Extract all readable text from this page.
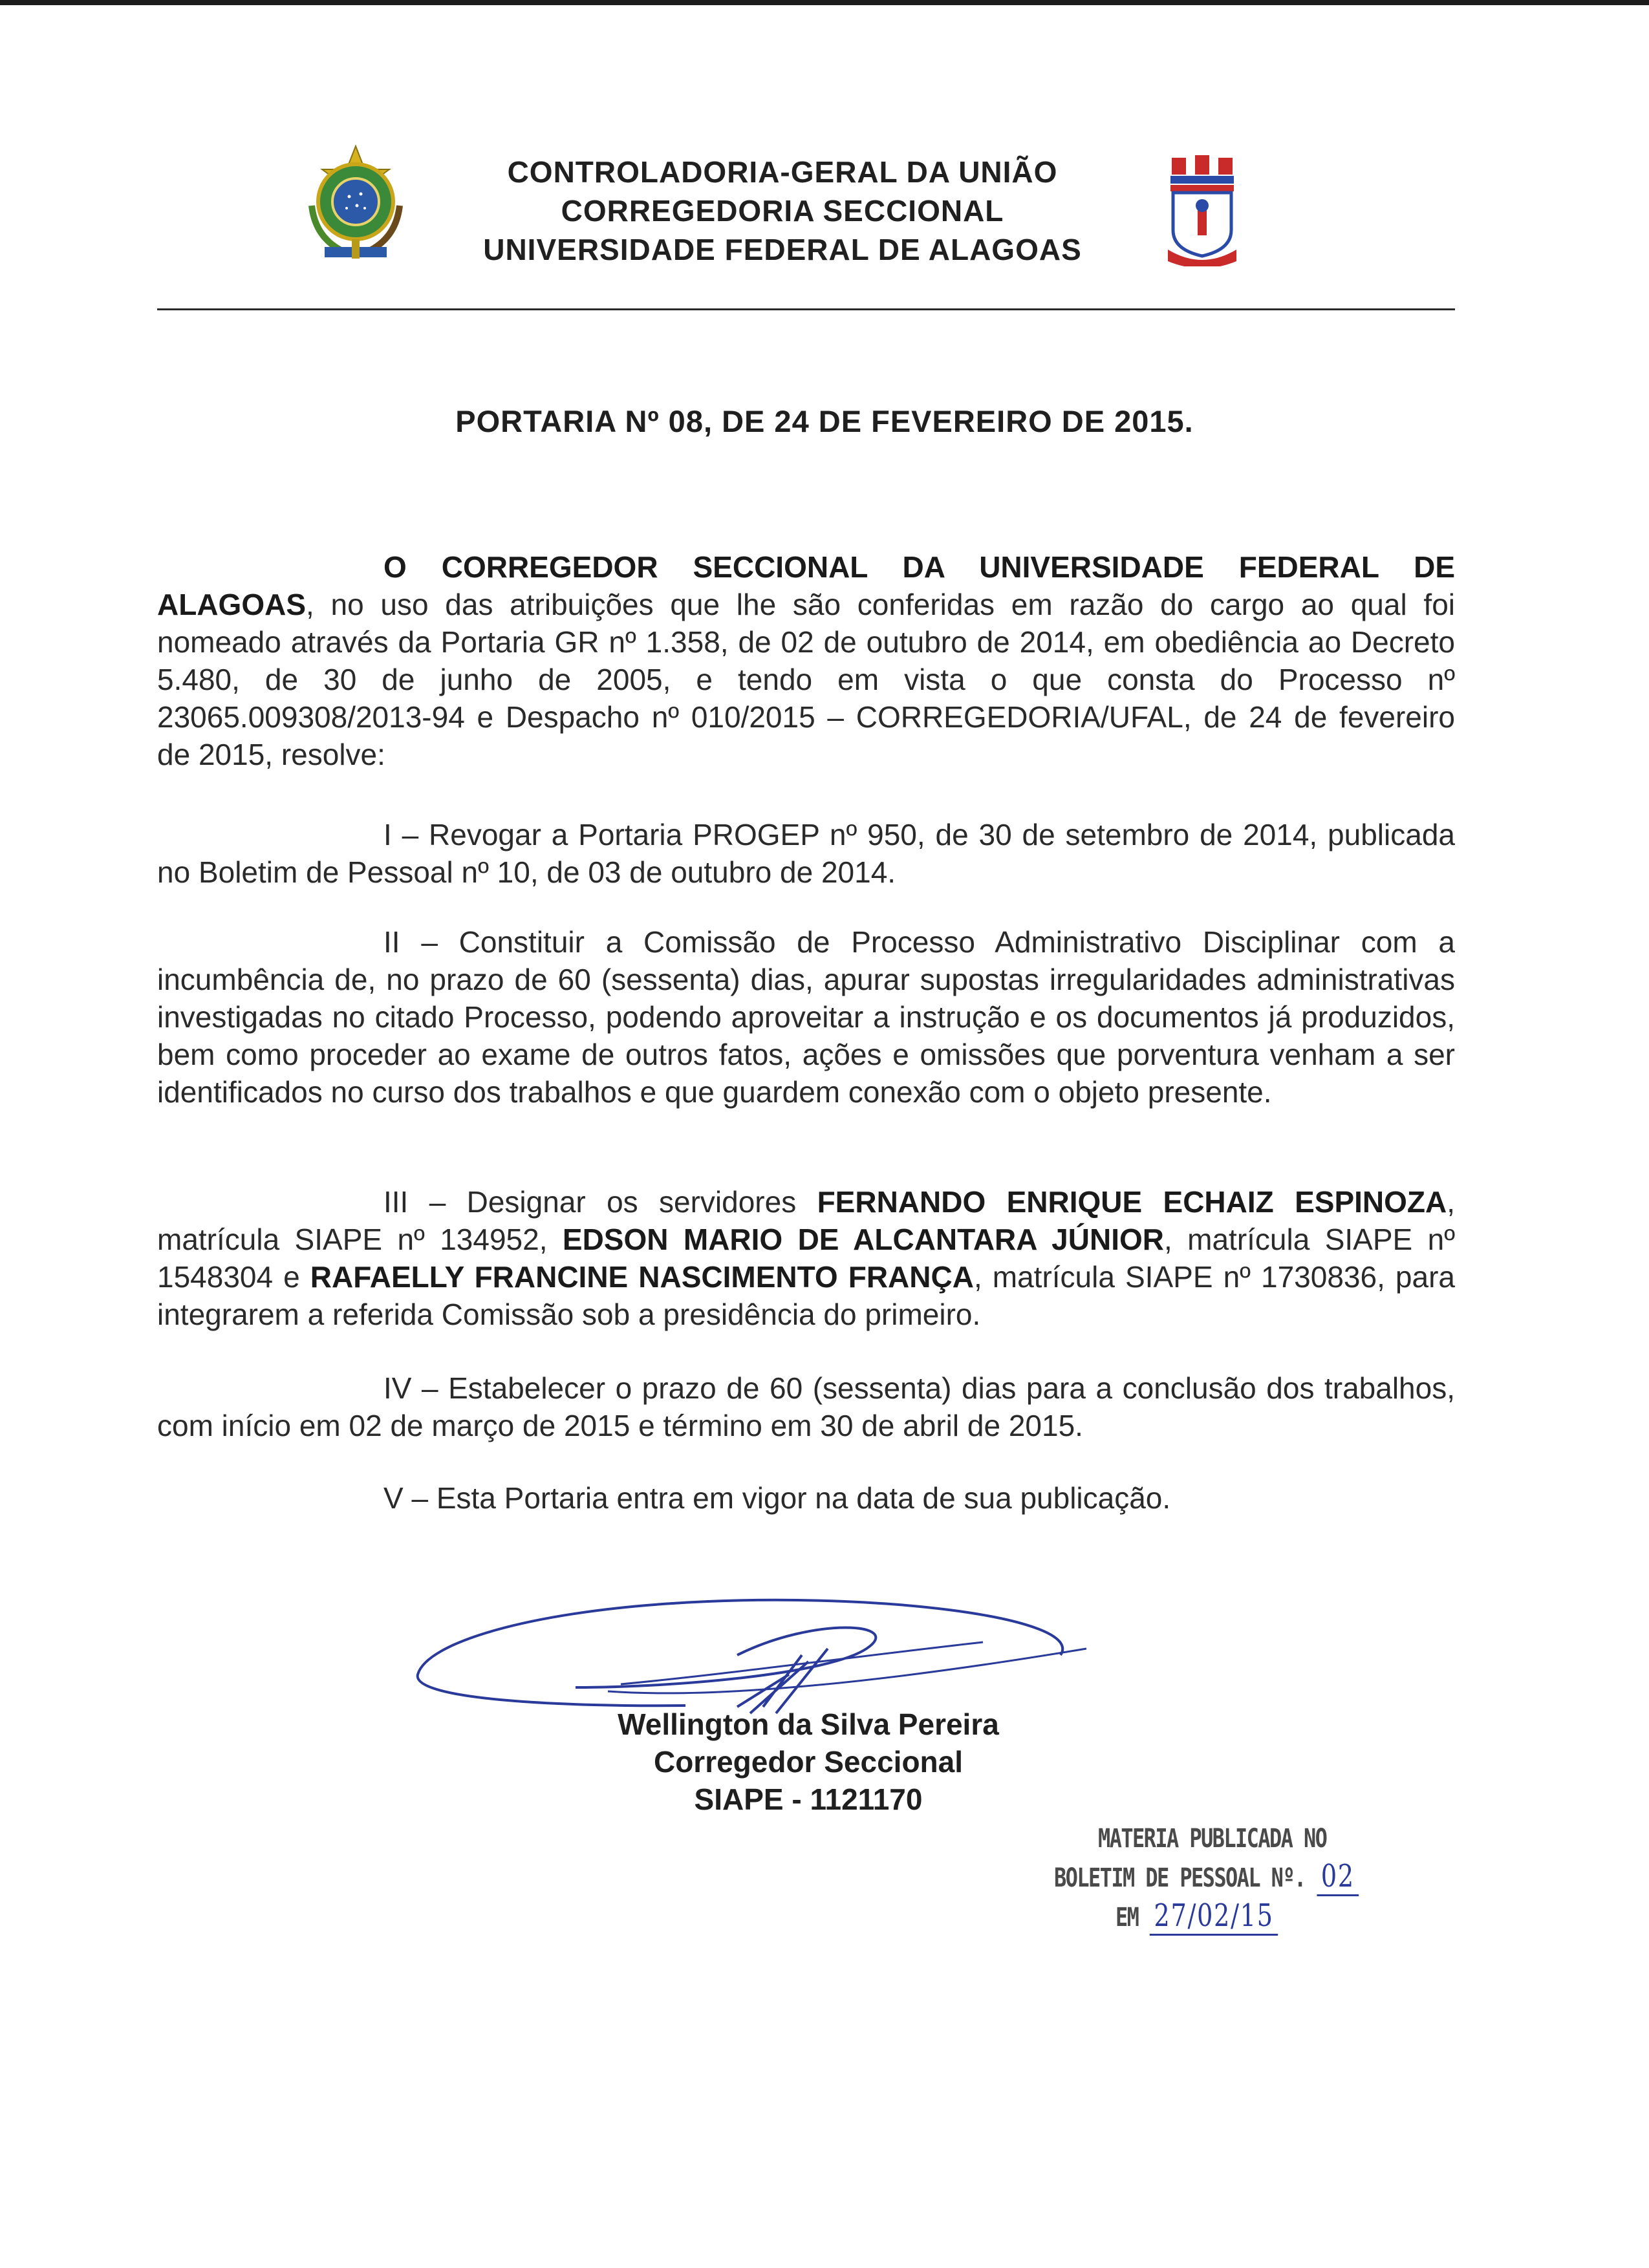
CONTROLADORIA-GERAL DA UNIÃO
CORREGEDORIA SECCIONAL
UNIVERSIDADE FEDERAL DE ALAGOAS
PORTARIA Nº 08, DE 24 DE FEVEREIRO DE 2015.
O CORREGEDOR SECCIONAL DA UNIVERSIDADE FEDERAL DE ALAGOAS, no uso das atribuições que lhe são conferidas em razão do cargo ao qual foi nomeado através da Portaria GR nº 1.358, de 02 de outubro de 2014, em obediência ao Decreto 5.480, de 30 de junho de 2005, e tendo em vista o que consta do Processo nº 23065.009308/2013-94 e Despacho nº 010/2015 – CORREGEDORIA/UFAL, de 24 de fevereiro de 2015, resolve:
I – Revogar a Portaria PROGEP nº 950, de 30 de setembro de 2014, publicada no Boletim de Pessoal nº 10, de 03 de outubro de 2014.
II – Constituir a Comissão de Processo Administrativo Disciplinar com a incumbência de, no prazo de 60 (sessenta) dias, apurar supostas irregularidades administrativas investigadas no citado Processo, podendo aproveitar a instrução e os documentos já produzidos, bem como proceder ao exame de outros fatos, ações e omissões que porventura venham a ser identificados no curso dos trabalhos e que guardem conexão com o objeto presente.
III – Designar os servidores FERNANDO ENRIQUE ECHAIZ ESPINOZA, matrícula SIAPE nº 134952, EDSON MARIO DE ALCANTARA JÚNIOR, matrícula SIAPE nº 1548304 e RAFAELLY FRANCINE NASCIMENTO FRANÇA, matrícula SIAPE nº 1730836, para integrarem a referida Comissão sob a presidência do primeiro.
IV – Estabelecer o prazo de 60 (sessenta) dias para a conclusão dos trabalhos, com início em 02 de março de 2015 e término em 30 de abril de 2015.
V – Esta Portaria entra em vigor na data de sua publicação.
Wellington da Silva Pereira
Corregedor Seccional
SIAPE - 1121170
MATERIA PUBLICADA NO
BOLETIM DE PESSOAL Nº. 02
EM 27/02/15
